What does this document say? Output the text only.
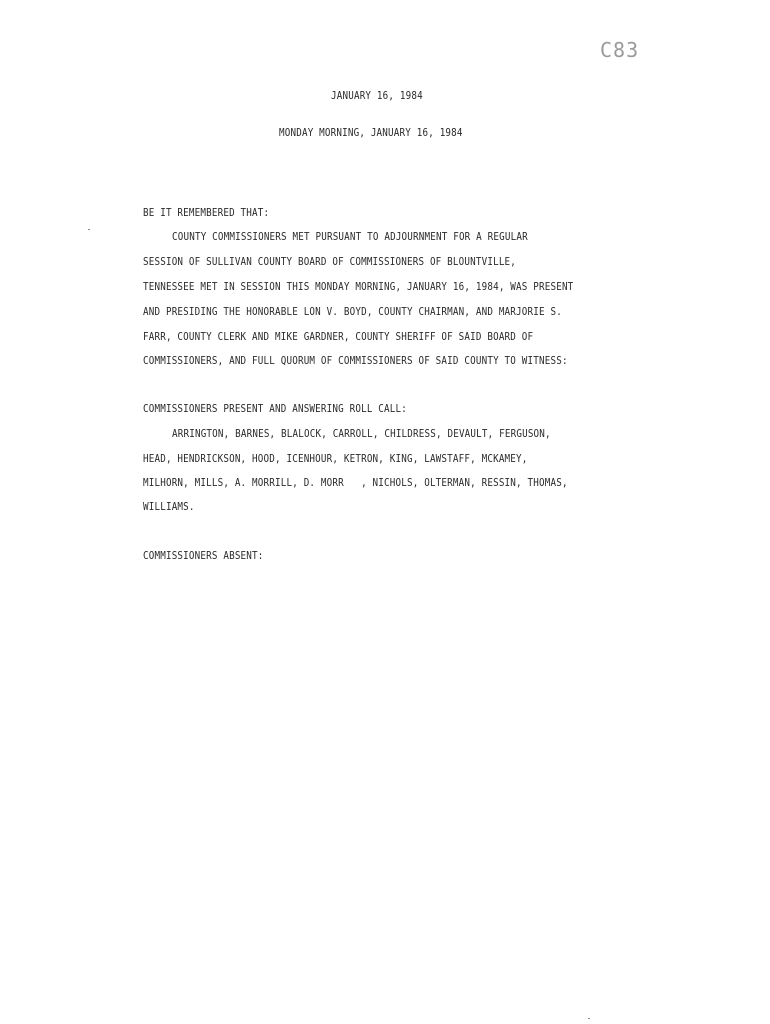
C83
JANUARY 16, 1984
MONDAY MORNING, JANUARY 16, 1984
BE IT REMEMBERED THAT:
COUNTY COMMISSIONERS MET PURSUANT TO ADJOURNMENT FOR A REGULAR
SESSION OF SULLIVAN COUNTY BOARD OF COMMISSIONERS OF BLOUNTVILLE,
TENNESSEE MET IN SESSION THIS MONDAY MORNING, JANUARY 16, 1984, WAS PRESENT
AND PRESIDING THE HONORABLE LON V. BOYD, COUNTY CHAIRMAN, AND MARJORIE S.
FARR, COUNTY CLERK AND MIKE GARDNER, COUNTY SHERIFF OF SAID BOARD OF
COMMISSIONERS, AND FULL QUORUM OF COMMISSIONERS OF SAID COUNTY TO WITNESS:
COMMISSIONERS PRESENT AND ANSWERING ROLL CALL:
ARRINGTON, BARNES, BLALOCK, CARROLL, CHILDRESS, DEVAULT, FERGUSON,
HEAD, HENDRICKSON, HOOD, ICENHOUR, KETRON, KING, LAWSTAFF, MCKAMEY,
MILHORN, MILLS, A. MORRILL, D. MORR   , NICHOLS, OLTERMAN, RESSIN, THOMAS,
WILLIAMS.
COMMISSIONERS ABSENT:
